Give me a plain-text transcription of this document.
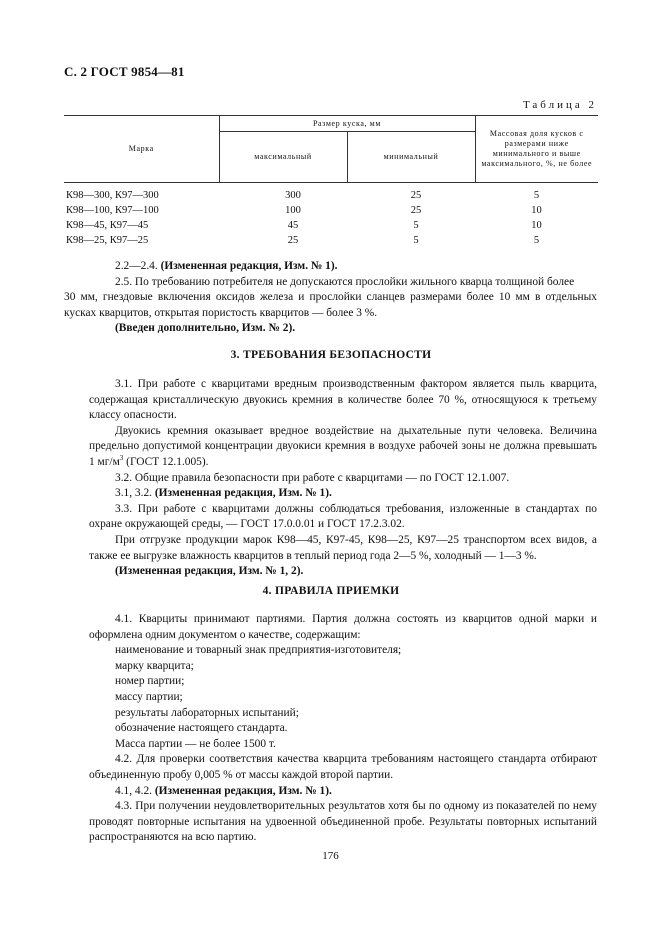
С. 2 ГОСТ 9854—81
Таблица 2
Марка	Размер куска, мм		Массовая доля кусков с размерами ниже минимального и выше максимального, %, не более
	максимальный	минимальный	
К98—300, К97—300	300	25	5
К98—100, К97—100	100	25	10
К98—45, К97—45	45	5	10
К98—25, К97—25	25	5	5

2.2—2.4. (Измененная редакция, Изм. № 1).

2.5. По требованию потребителя не допускаются прослойки жильного кварца толщиной более

30 мм, гнездовые включения оксидов железа и прослойки сланцев размерами более 10 мм в отдельных кусках кварцитов, открытая пористость кварцитов — более 3 %.

(Введен дополнительно, Изм. № 2).

3. ТРЕБОВАНИЯ БЕЗОПАСНОСТИ

3.1. При работе с кварцитами вредным производственным фактором является пыль кварцита, содержащая кристаллическую двуокись кремния в количестве более 70 %, относящуюся к третьему классу опасности.

Двуокись кремния оказывает вредное воздействие на дыхательные пути человека. Величина предельно допустимой концентрации двуокиси кремния в воздухе рабочей зоны не должна превышать 1 $мг/м^3$ (ГОСТ 12.1.005).

3.2. Общие правила безопасности при работе с кварцитами — по ГОСТ 12.1.007.

3.1, 3.2. (Измененная редакция, Изм. № 1).

3.3. При работе с кварцитами должны соблюдаться требования, изложенные в стандартах по охране окружающей среды, — ГОСТ 17.0.0.01 и ГОСТ 17.2.3.02.

При отгрузке продукции марок К98—45, К97-45, К98—25, К97—25 транспортом всех видов, а также ее выгрузке влажность кварцитов в теплый период года 2—5 %, холодный — 1—3 %.

(Измененная редакция, Изм. № 1, 2).

4. ПРАВИЛА ПРИЕМКИ

4.1. Кварциты принимают партиями. Партия должна состоять из кварцитов одной марки и оформлена одним документом о качестве, содержащим:

наименование и товарный знак предприятия-изготовителя;

марку кварцита;

номер партии;

массу партии;

результаты лабораторных испытаний;

обозначение настоящего стандарта.

Масса партии — не более 1500 т.

4.2. Для проверки соответствия качества кварцита требованиям настоящего стандарта отбирают объединенную пробу 0,005 % от массы каждой второй партии.

4.1, 4.2. (Измененная редакция, Изм. № 1).

4.3. При получении неудовлетворительных результатов хотя бы по одному из показателей по нему проводят повторные испытания на удвоенной объединенной пробе. Результаты повторных испытаний распространяются на всю партию.

176
